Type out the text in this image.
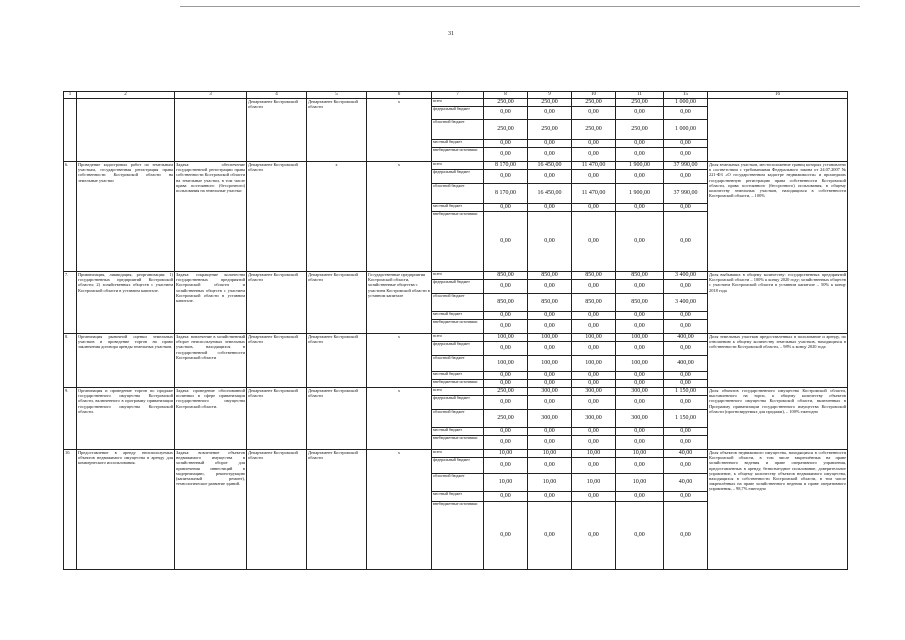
31
1	2	3	4	5	6	7	8	9	10	11	15	16
			Департамент Костромской области	Департамент Костромской области	x	всего	250,00	250,00	250,00	250,00	1 000,00	
						федеральный бюджет	0,00	0,00	0,00	0,00	0,00	
						областной бюджет	250,00	250,00	250,00	250,00	1 000,00	
						местный бюджет	0,00	0,00	0,00	0,00	0,00	
						внебюджетные источники	0,00	0,00	0,00	0,00	0,00	
6.	Проведение кадастровых работ по земельным участкам, государственная регистрация права собственности Костромской области на земельные участки	Задача: обеспечение государственной регистрации права собственности Костромской области на земельные участки, в том числе права постоянного (бессрочного) пользования на земельные участки	Департамент Костромской области	x	x	всего	8 170,00	16 450,00	11 470,00	1 900,00	37 990,00	Доля земельных участков, местоположение границ которых установлено в соответствии с требованиями Федерального закона от 24.07.2007 № 221-ФЗ «О государственном кадастре недвижимости» и прошедших государственную регистрацию права собственности Костромской области, права постоянного (бессрочного) пользования, в общему количеству земельных участков, находящихся в собственности Костромской области, – 100%
						федеральный бюджет	0,00	0,00	0,00	0,00	0,00	
						областной бюджет	8 170,00	16 450,00	11 470,00	1 900,00	37 990,00	
						местный бюджет	0,00	0,00	0,00	0,00	0,00	
						внебюджетные источники	0,00	0,00	0,00	0,00	0,00	
7.	Приватизация, ликвидация, реорганизация: 1) государственных предприятий Костромской области; 2) хозяйственных обществ с участием Костромской области в уставном капитале.	Задача: сокращение количества государственных предприятий Костромской области и хозяйственных обществ с участием Костромской области в уставном капитале.	Департамент Костромской области	Департамент Костромской области	Государственные предприятия Костромской области, хозяйственные общества с участием Костромской области в уставном капитале	всего	850,00	850,00	850,00	850,00	3 400,00	Доля выбывших в общему количеству: государственных предприятий Костромской области – 100% к концу 2020 году; хозяйственных обществ с участием Костромской области в уставном капитале – 50% к концу 2018 года
						федеральный бюджет	0,00	0,00	0,00	0,00	0,00	
						областной бюджет	850,00	850,00	850,00	850,00	3 400,00	
						местный бюджет	0,00	0,00	0,00	0,00	0,00	
						внебюджетные источники	0,00	0,00	0,00	0,00	0,00	
8.	Организация рыночной оценки земельных участков и проведение торгов на право заключения договора аренды земельных участков.	Задача: вовлечение в хозяйственный оборот неиспользуемых земельных участков, находящихся в государственной собственности Костромской области	Департамент Костромской области	Департамент Костромской области	x	всего	100,00	100,00	100,00	100,00	400,00	Доля земельных участков предоставленных в пользование и аренду, по отношению к общему количеству земельных участков, находящихся в собственности Костромской области, – 98% к концу 2020 года
						федеральный бюджет	0,00	0,00	0,00	0,00	0,00	
						областной бюджет	100,00	100,00	100,00	100,00	400,00	
						местный бюджет	0,00	0,00	0,00	0,00	0,00	
						внебюджетные источники	0,00	0,00	0,00	0,00	0,00	
9.	Организация и проведение торгов по продаже государственного имущества Костромской области, включенного в программу приватизации государственного имущества Костромской области.	Задача: проведение обоснованной политики в сфере приватизации государственного имущества Костромской области.	Департамент Костромской области	Департамент Костромской области	x	всего	250,00	300,00	300,00	300,00	1 150,00	Доля объектов государственного имущества Костромской области, выставленного на торги, к общему количеству объектов государственного имущества Костромской области, включенных в Программу приватизации государственного имущества Костромской области (прогнозируемых для продажи), – 100% ежегодно
						федеральный бюджет	0,00	0,00	0,00	0,00	0,00	
						областной бюджет	250,00	300,00	300,00	300,00	1 150,00	
						местный бюджет	0,00	0,00	0,00	0,00	0,00	
						внебюджетные источники	0,00	0,00	0,00	0,00	0,00	
10.	Предоставление в аренду неиспользуемых объектов недвижимого имущества в аренду для коммерческого использования.	Задача: вовлечение объектов недвижимого имущества в хозяйственный оборот для привлечения инвестиций в модернизацию, реконструкцию (капитальный ремонт), технологическое развитие зданий.	Департамент Костромской области	Департамент Костромской области	x	всего	10,00	10,00	10,00	10,00	40,00	Доля объектов недвижимого имущества, находящихся в собственности Костромской области, в том числе закреплённых на праве хозяйственного ведения и праве оперативного управления, предоставленных в аренду, безвозмездное пользование, доверительное управление, к общему количеству объектов недвижимого имущества, находящихся в собственности Костромской области, в том числе закреплённых на праве хозяйственного ведения и праве оперативного управления, – 98,7% ежегодно
						федеральный бюджет	0,00	0,00	0,00	0,00	0,00	
						областной бюджет	10,00	10,00	10,00	10,00	40,00	
						местный бюджет	0,00	0,00	0,00	0,00	0,00	
						внебюджетные источники	0,00	0,00	0,00	0,00	0,00	
